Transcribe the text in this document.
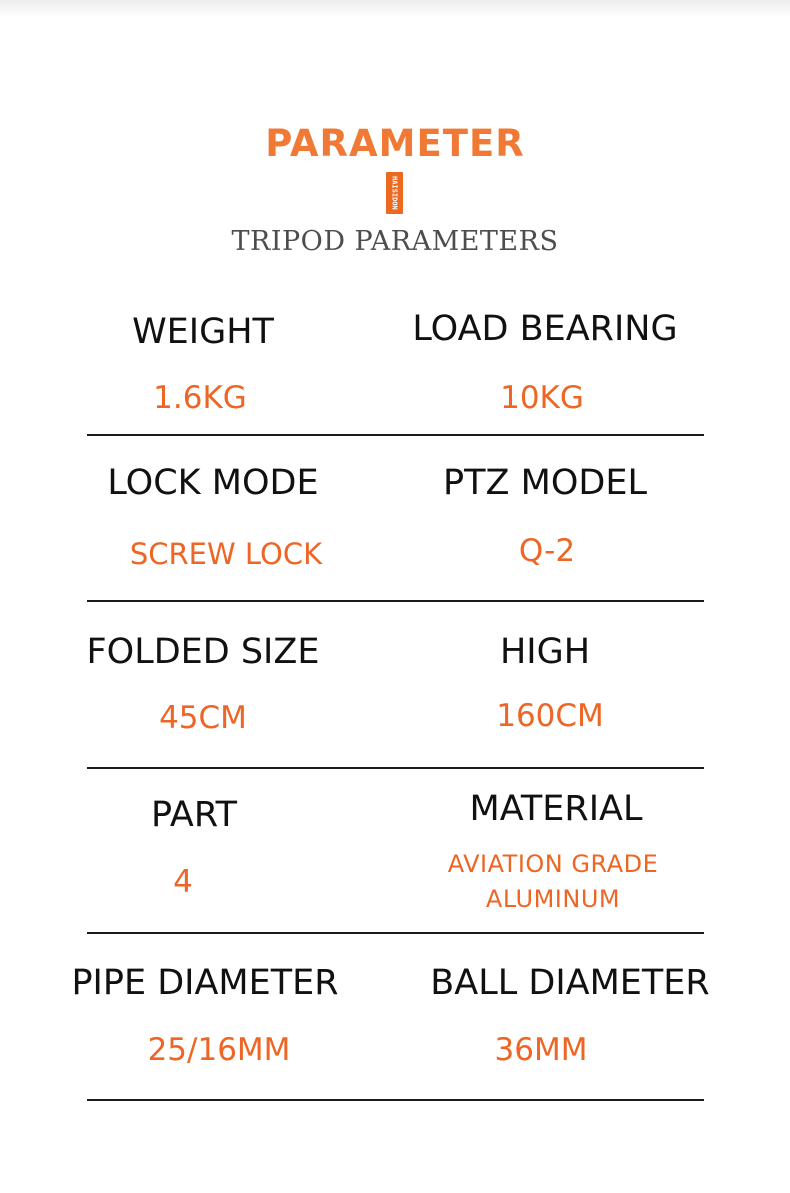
PARAMETER
HAISIDON
TRIPOD PARAMETERS
WEIGHT
1.6KG
LOAD BEARING
10KG
LOCK MODE
SCREW LOCK
PTZ MODEL
Q-2
FOLDED SIZE
45CM
HIGH
160CM
PART
4
MATERIAL
AVIATION GRADE
ALUMINUM
PIPE DIAMETER
25/16MM
BALL DIAMETER
36MM
